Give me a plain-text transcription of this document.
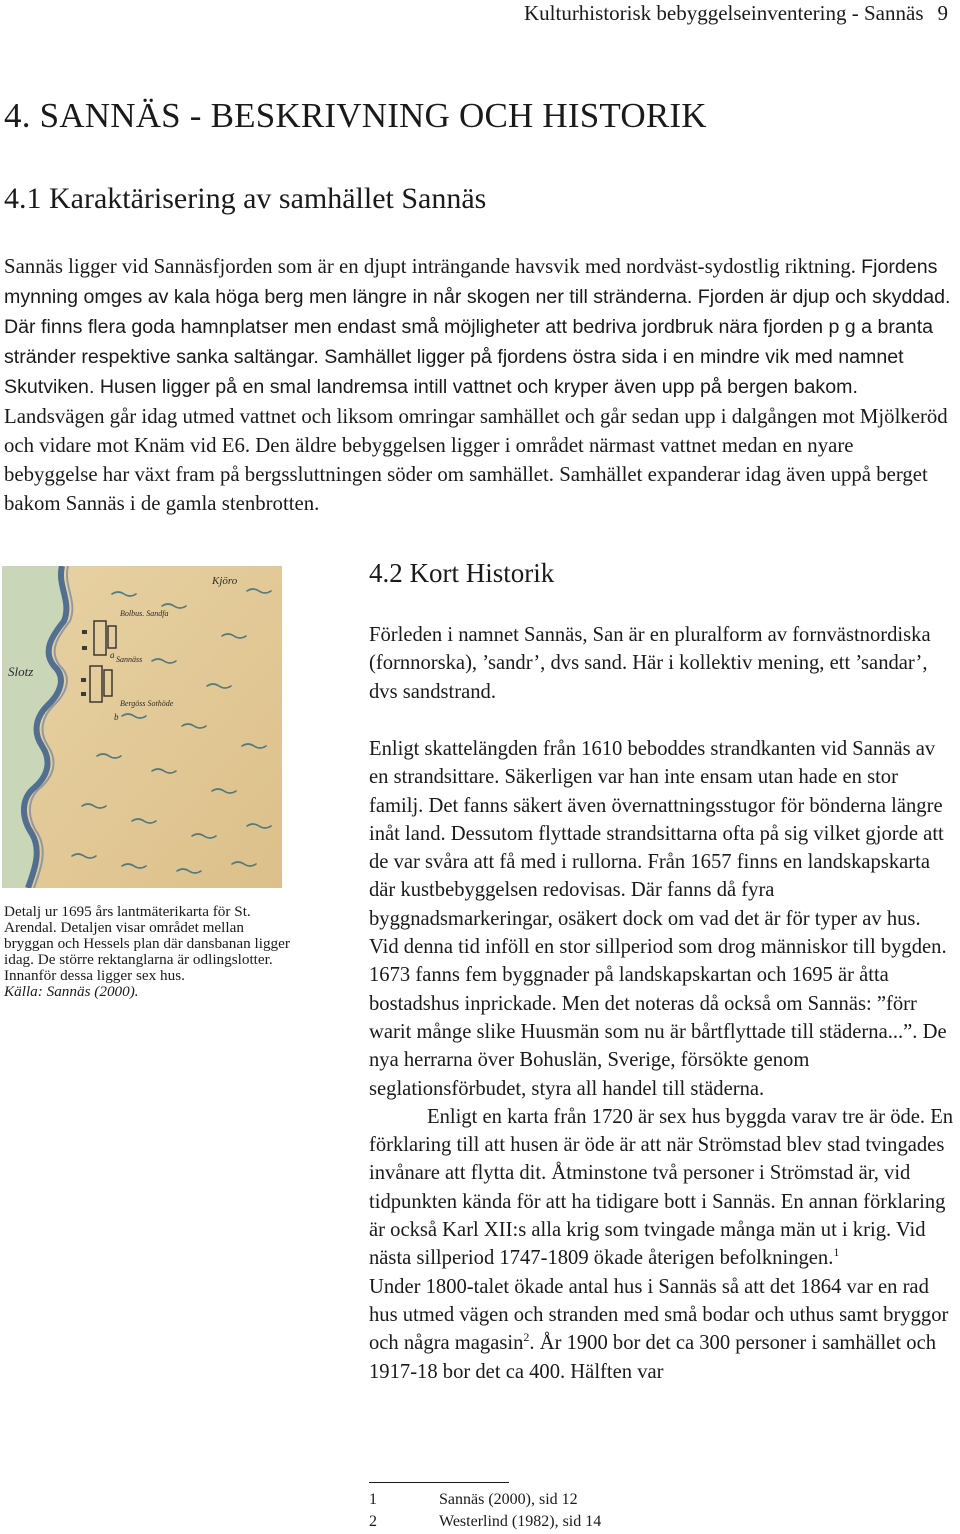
Kulturhistorisk bebyggelseinventering - Sannäs 9
4. SANNÄS - BESKRIVNING OCH HISTORIK
4.1 Karaktärisering av samhället Sannäs

Sannäs ligger vid Sannäsfjorden som är en djupt inträngande havsvik med nordväst-sydostlig riktning. Fjordens mynning omges av kala höga berg men längre in når skogen ner till stränderna. Fjorden är djup och skyddad. Där finns flera goda hamnplatser men endast små möjligheter att bedriva jordbruk nära fjorden p g a branta stränder respektive sanka saltängar. Samhället ligger på fjordens östra sida i en mindre vik med namnet Skutviken. Husen ligger på en smal landremsa intill vattnet och kryper även upp på bergen bakom. Landsvägen går idag utmed vattnet och liksom omringar samhället och går sedan upp i dalgången mot Mjölkeröd och vidare mot Knäm vid E6. Den äldre bebyggelsen ligger i området närmast vattnet medan en nyare bebyggelse har växt fram på bergssluttningen söder om samhället. Samhället expanderar idag även uppå berget bakom Sannäs i de gamla stenbrotten.

Kjöro
Slotz
Bolbus. Sandfa
Sannäss
Bergöss Sothöde
a
b

Detalj ur 1695 års lantmäterikarta för St. Arendal. Detaljen visar området mellan bryggan och Hessels plan där dansbanan ligger idag. De större rektanglarna är odlingslotter. Innanför dessa ligger sex hus.

Källa: Sannäs (2000).

4.2 Kort Historik

Förleden i namnet Sannäs, San är en pluralform av fornvästnordiska (fornnorska), ’sandr’, dvs sand. Här i kollektiv mening, ett ’sandar’, dvs sandstrand.

Enligt skattelängden från 1610 beboddes strandkanten vid Sannäs av en strandsittare. Säkerligen var han inte ensam utan hade en stor familj. Det fanns säkert även övernattningsstugor för bönderna längre inåt land. Dessutom flyttade strandsittarna ofta på sig vilket gjorde att de var svåra att få med i rullorna. Från 1657 finns en landskapskarta där kustbebyggelsen redovisas. Där fanns då fyra byggnadsmarkeringar, osäkert dock om vad det är för typer av hus. Vid denna tid inföll en stor sillperiod som drog människor till bygden. 1673 fanns fem byggnader på landskapskartan och 1695 är åtta bostadshus inprickade. Men det noteras då också om Sannäs: ”förr warit månge slike Huusmän som nu är bårtflyttade till städerna...”. De nya herrarna över Bohuslän, Sverige, försökte genom seglationsförbudet, styra all handel till städerna.

Enligt en karta från 1720 är sex hus byggda varav tre är öde. En förklaring till att husen är öde är att när Strömstad blev stad tvingades invånare att flytta dit. Åtminstone två personer i Strömstad är, vid tidpunkten kända för att ha tidigare bott i Sannäs. En annan förklaring är också Karl XII:s alla krig som tvingade många män ut i krig. Vid nästa sillperiod 1747-1809 ökade återigen befolkningen.$^1$

Under 1800-talet ökade antal hus i Sannäs så att det 1864 var en rad hus utmed vägen och stranden med små bodar och uthus samt bryggor och några magasin$^2$. År 1900 bor det ca 300 personer i samhället och 1917-18 bor det ca 400. Hälften var

1	Sannäs (2000), sid 12
2	Westerlind (1982), sid 14
